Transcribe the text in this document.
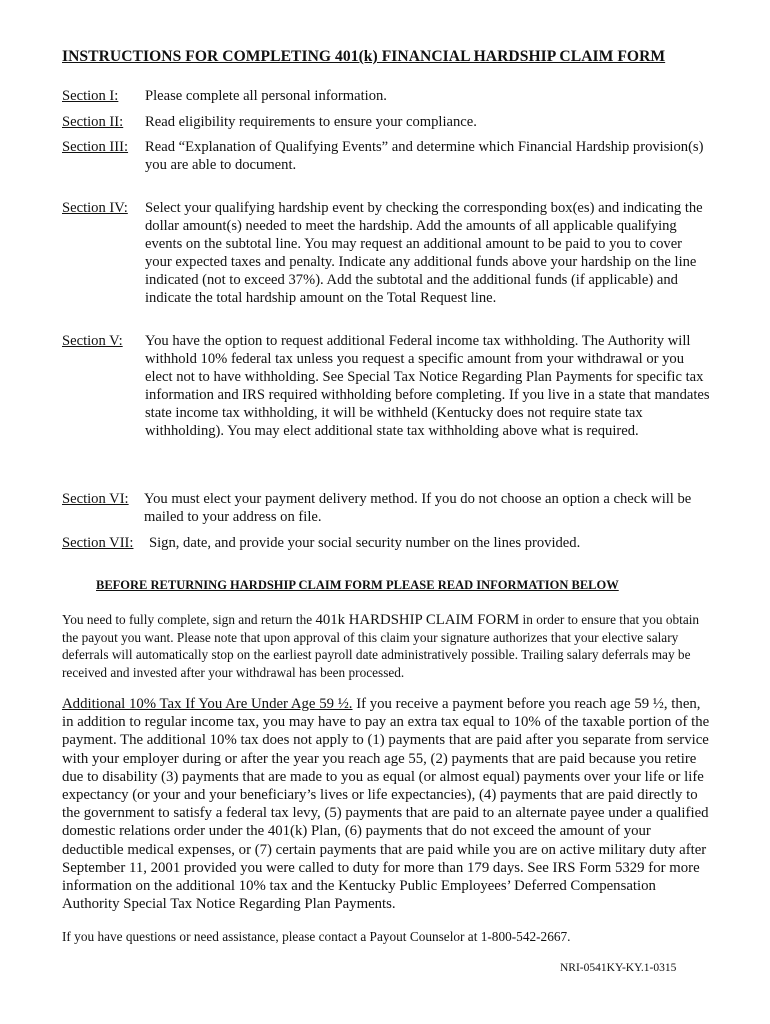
INSTRUCTIONS FOR COMPLETING 401(k) FINANCIAL HARDSHIP CLAIM FORM
Section I: Please complete all personal information.
Section II: Read eligibility requirements to ensure your compliance.
Section III: Read “Explanation of Qualifying Events” and determine which Financial Hardship provision(s) you are able to document.
Section IV: Select your qualifying hardship event by checking the corresponding box(es) and indicating the dollar amount(s) needed to meet the hardship. Add the amounts of all applicable qualifying events on the subtotal line. You may request an additional amount to be paid to you to cover your expected taxes and penalty. Indicate any additional funds above your hardship on the line indicated (not to exceed 37%). Add the subtotal and the additional funds (if applicable) and indicate the total hardship amount on the Total Request line.
Section V: You have the option to request additional Federal income tax withholding. The Authority will withhold 10% federal tax unless you request a specific amount from your withdrawal or you elect not to have withholding. See Special Tax Notice Regarding Plan Payments for specific tax information and IRS required withholding before completing. If you live in a state that mandates state income tax withholding, it will be withheld (Kentucky does not require state tax withholding). You may elect additional state tax withholding above what is required.
Section VI: You must elect your payment delivery method. If you do not choose an option a check will be mailed to your address on file.
Section VII: Sign, date, and provide your social security number on the lines provided.
BEFORE RETURNING HARDSHIP CLAIM FORM PLEASE READ INFORMATION BELOW
You need to fully complete, sign and return the 401k HARDSHIP CLAIM FORM in order to ensure that you obtain the payout you want. Please note that upon approval of this claim your signature authorizes that your elective salary deferrals will automatically stop on the earliest payroll date administratively possible. Trailing salary deferrals may be received and invested after your withdrawal has been processed.
Additional 10% Tax If You Are Under Age 59 ½. If you receive a payment before you reach age 59 ½, then, in addition to regular income tax, you may have to pay an extra tax equal to 10% of the taxable portion of the payment. The additional 10% tax does not apply to (1) payments that are paid after you separate from service with your employer during or after the year you reach age 55, (2) payments that are paid because you retire due to disability (3) payments that are made to you as equal (or almost equal) payments over your life or life expectancy (or your and your beneficiary’s lives or life expectancies), (4) payments that are paid directly to the government to satisfy a federal tax levy, (5) payments that are paid to an alternate payee under a qualified domestic relations order under the 401(k) Plan, (6) payments that do not exceed the amount of your deductible medical expenses, or (7) certain payments that are paid while you are on active military duty after September 11, 2001 provided you were called to duty for more than 179 days. See IRS Form 5329 for more information on the additional 10% tax and the Kentucky Public Employees’ Deferred Compensation Authority Special Tax Notice Regarding Plan Payments.
If you have questions or need assistance, please contact a Payout Counselor at 1-800-542-2667.
NRI-0541KY-KY.1-0315
